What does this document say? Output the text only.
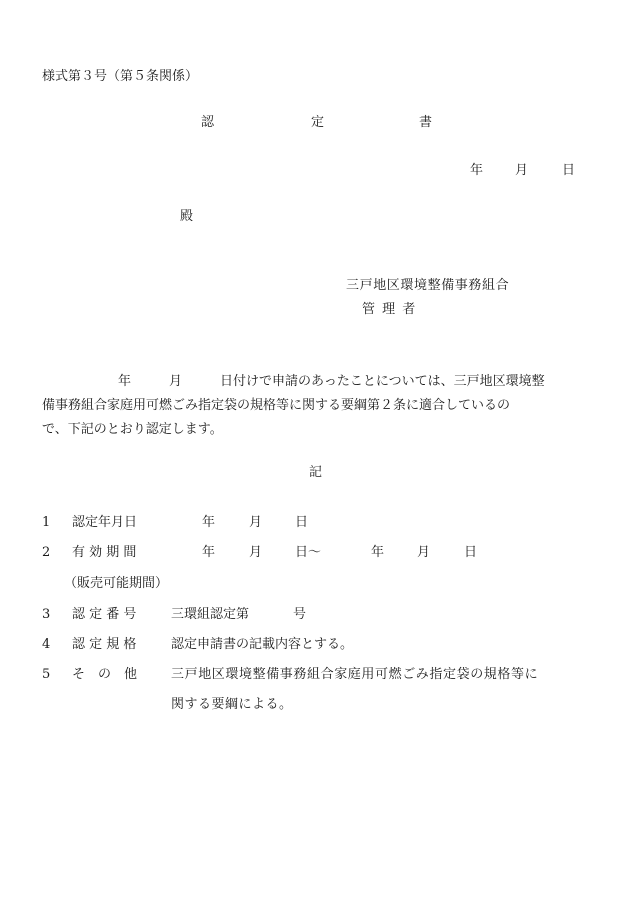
様式第３号（第５条関係）
認	定	書
年 月	日
殿
三戸地区環境整備事務組合
管 理 者
年	月	日付けで申請のあったことについては、三戸地区環境整
備事務組合家庭用可燃ごみ指定袋の規格等に関する要綱第２条に適合しているの
で、下記のとおり認定します。
記
1 認定年月日	年	月	日
2 有 効 期 間	年	月	日～	年	月	日
（販売可能期間）
3 認 定 番 号	三環組認定第	号
4 認 定 規 格	認定申請書の記載内容とする。
5 そ　の　他	三戸地区環境整備事務組合家庭用可燃ごみ指定袋の規格等に
関する要綱による。
